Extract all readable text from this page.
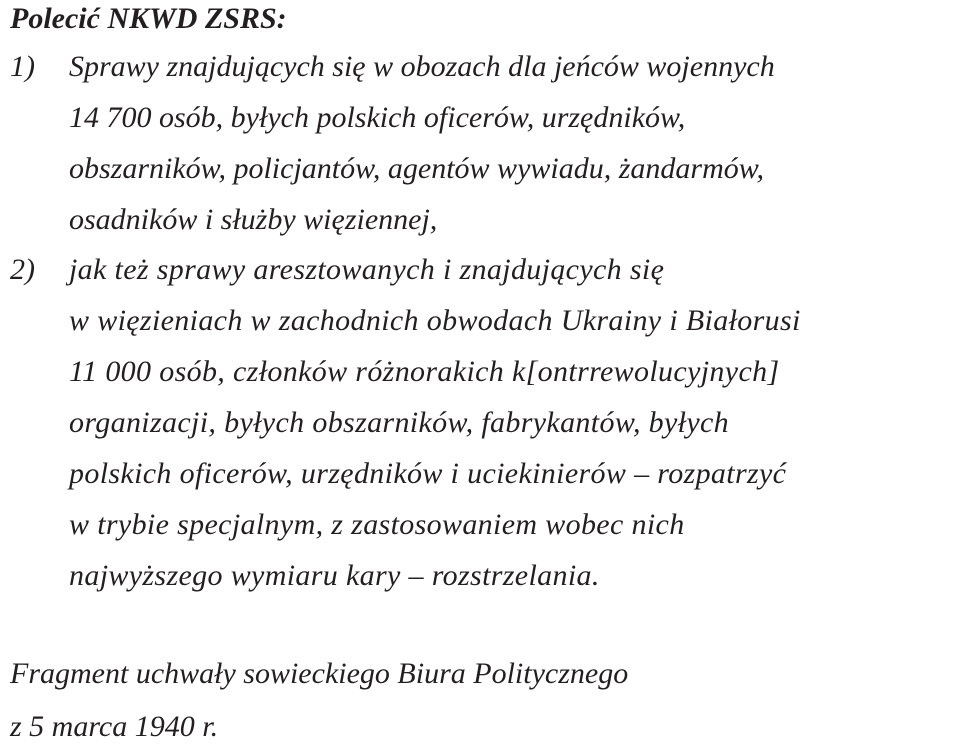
Polecić NKWD ZSRS:
1) Sprawy znajdujących się w obozach dla jeńców wojennych
14 700 osób, byłych polskich oficerów, urzędników,
obszarników, policjantów, agentów wywiadu, żandarmów,
osadników i służby więziennej,
2) jak też sprawy aresztowanych i znajdujących się
w więzieniach w zachodnich obwodach Ukrainy i Białorusi
11 000 osób, członków różnorakich k[ontrrewolucyjnych]
organizacji, byłych obszarników, fabrykantów, byłych
polskich oficerów, urzędników i uciekinierów – rozpatrzyć
w trybie specjalnym, z zastosowaniem wobec nich
najwyższego wymiaru kary – rozstrzelania.
Fragment uchwały sowieckiego Biura Politycznego
z 5 marca 1940 r.
